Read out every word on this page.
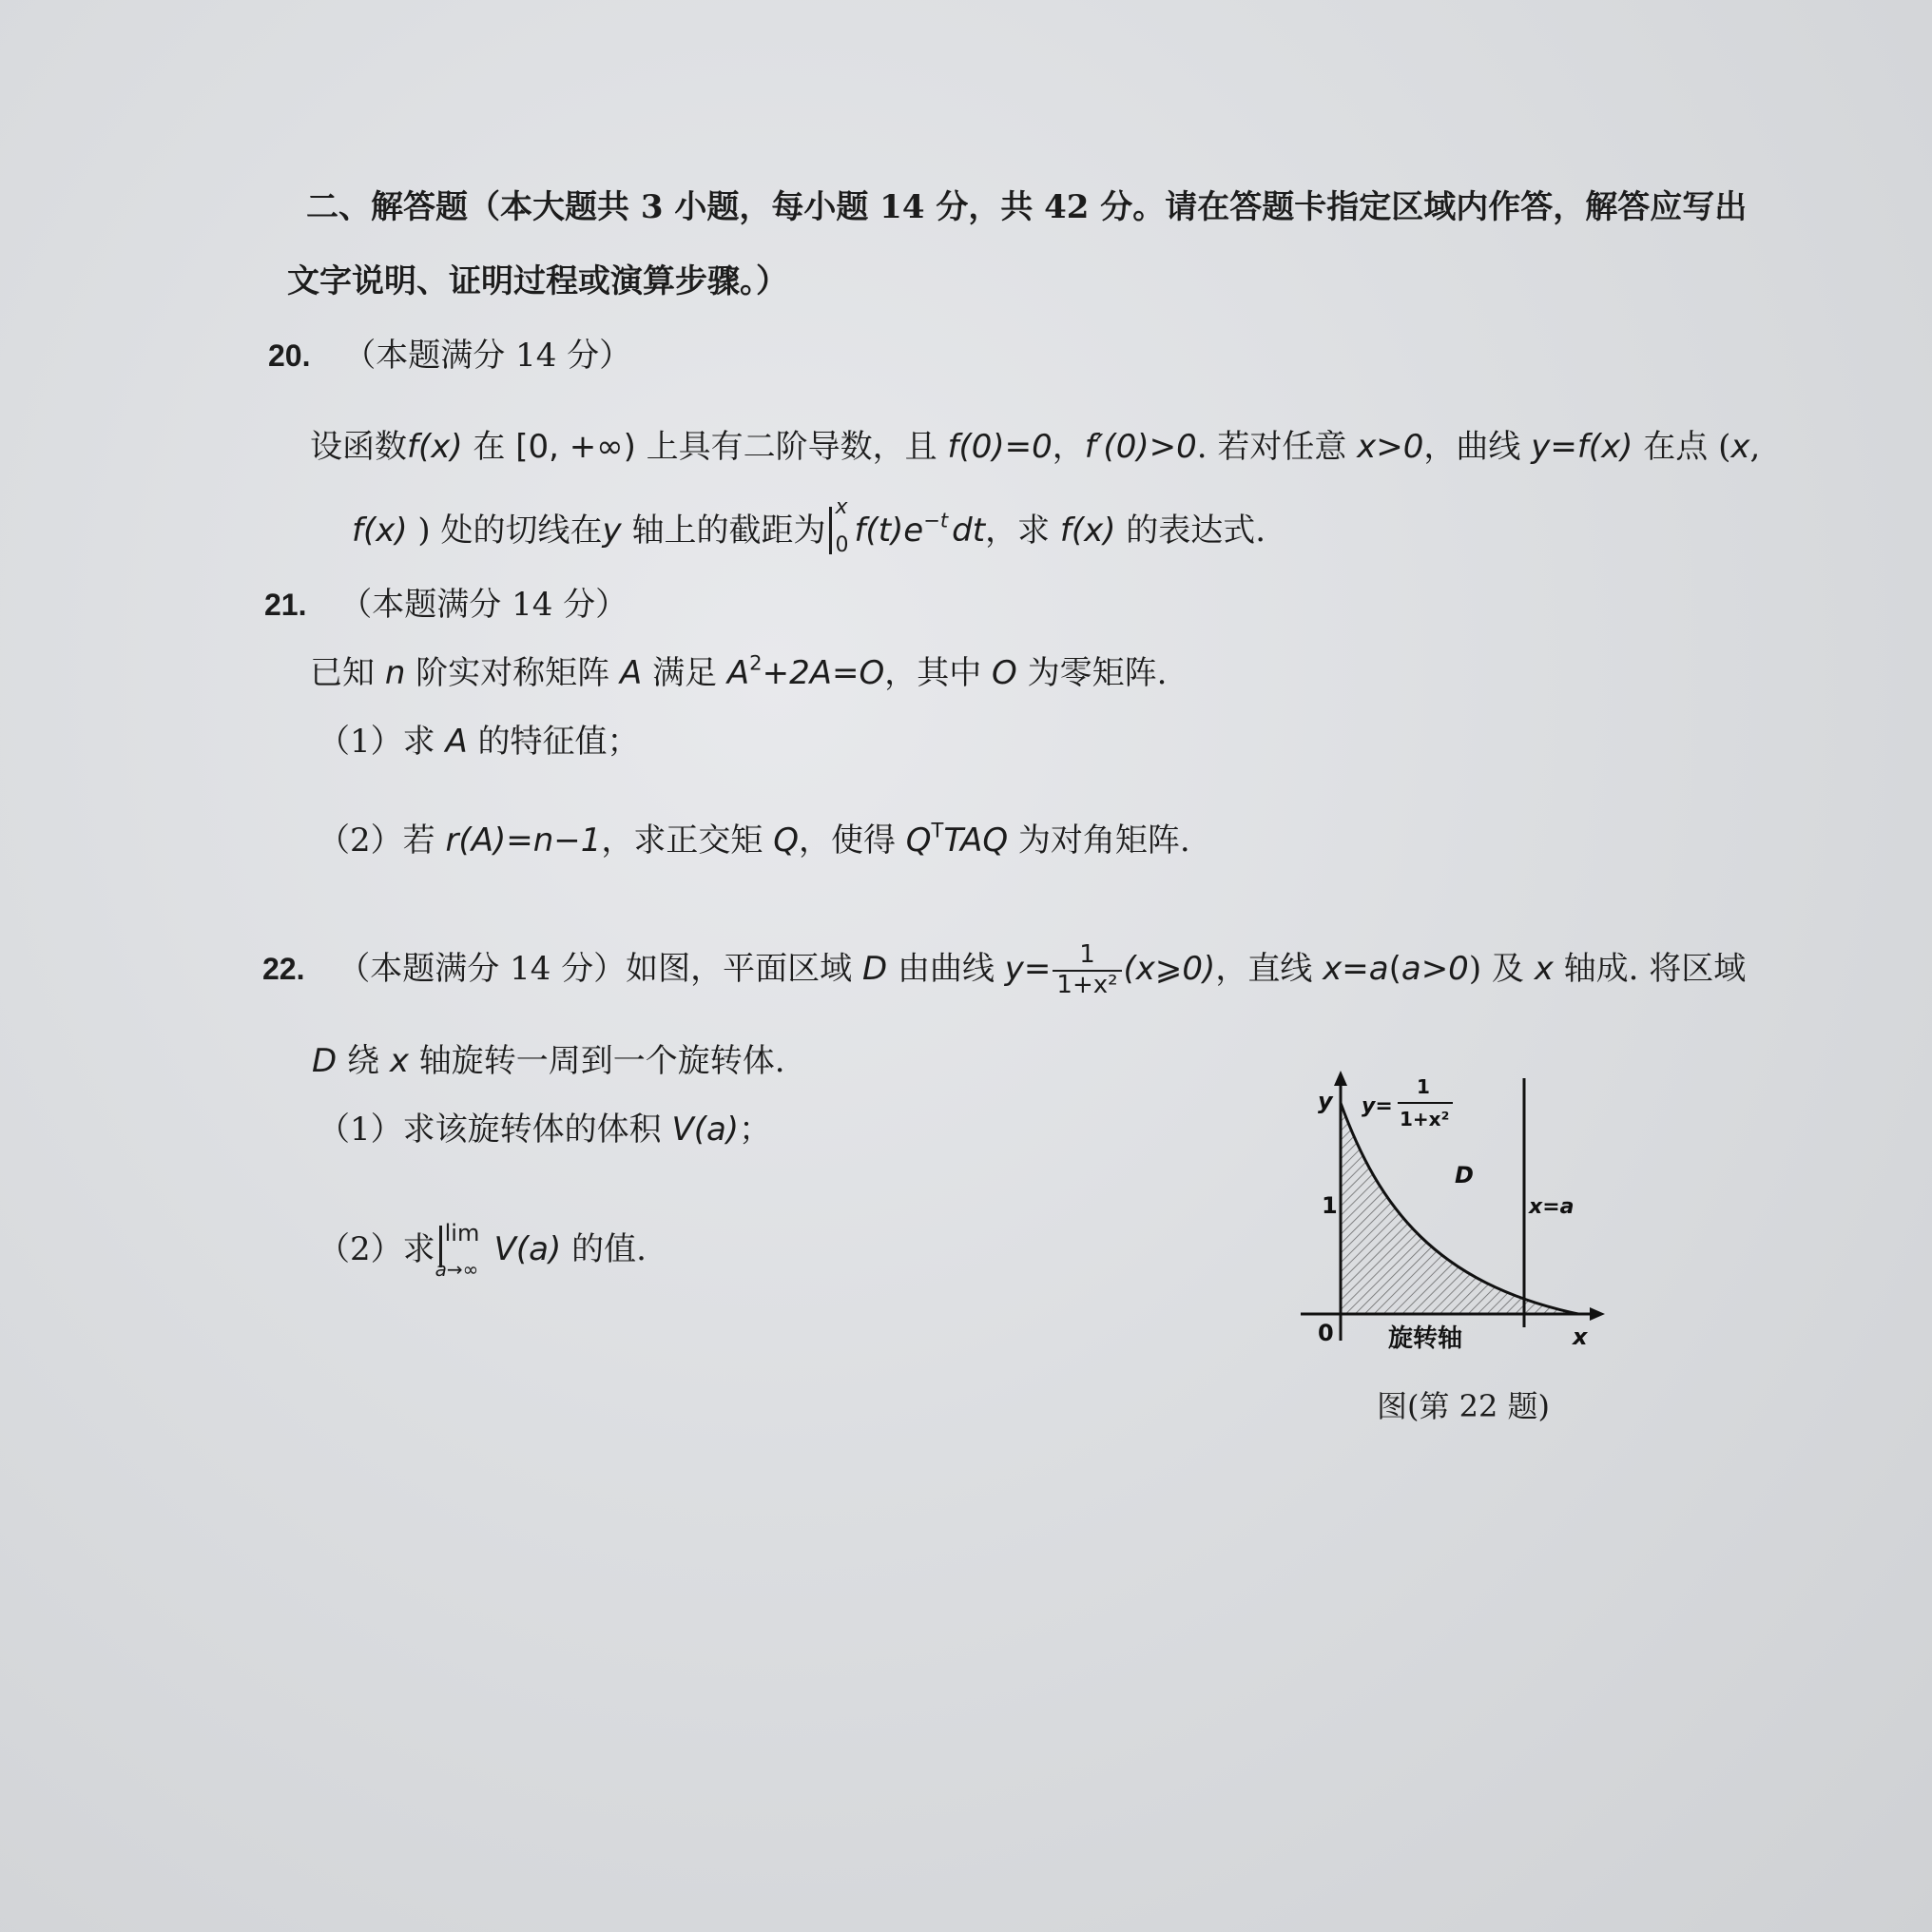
二、解答题（本大题共 3 小题，每小题 14 分，共 42 分。请在答题卡指定区域内作答，解答应写出
文字说明、证明过程或演算步骤。）
20. （本题满分 14 分）
设函数f(x) 在 [0, +∞) 上具有二阶导数，且 f(0)=0，f′(0)>0. 若对任意 x>0，曲线 y=f(x) 在点 (x,
f(x) ) 处的切线在y 轴上的截距为
x
0 $f(t)e^{-t}$ dt，求 f(x) 的表达式.
21. （本题满分 14 分）
已知 n 阶实对称矩阵 A 满足 $A^2+2A=O$，其中 O 为零矩阵.
（1）求 A 的特征值；
（2）若 r(A)=n−1，求正交矩 Q，使得 $Q^TTAQ$ 为对角矩阵.
22. （本题满分 14 分）如图，平面区域 D 由曲线 $y= \frac{1}{\text{1+x²}}$ (x⩾0)，直线 x=a(a>0) 及 x 轴成. 将区域
D 绕 x 轴旋转一周到一个旋转体.
（1）求该旋转体的体积 V(a)；
（2）求 lim
a→∞
V(a) 的值.
y y=
1
1+x²
D
1	x=a
0 旋转轴	x
图(第 22 题)
